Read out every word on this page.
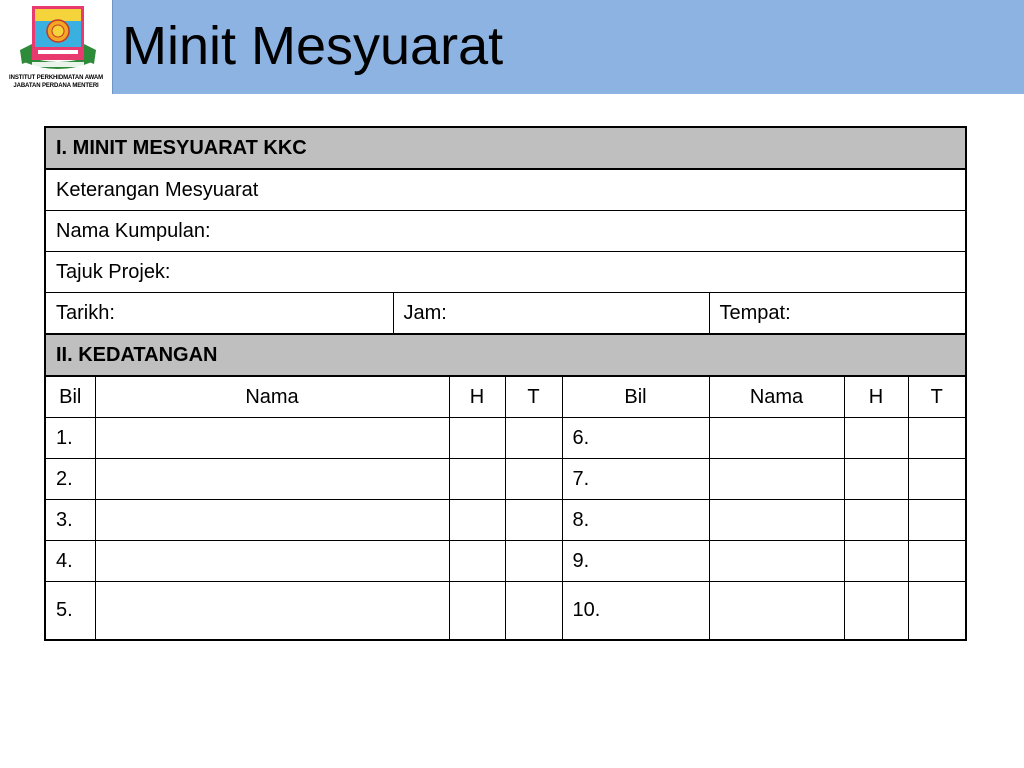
INSTITUT PERKHIDMATAN AWAM
JABATAN PERDANA MENTERI
Minit Mesyuarat
I. MINIT MESYUARAT KKC								
Keterangan Mesyuarat								
Nama Kumpulan:								
Tajuk Projek:								
Tarikh:		Jam:				Tempat:		
II. KEDATANGAN								
Bil	Nama		H	T	Bil	Nama	H	T
1.					6.			
2.					7.			
3.					8.			
4.					9.			
5.					10.			
